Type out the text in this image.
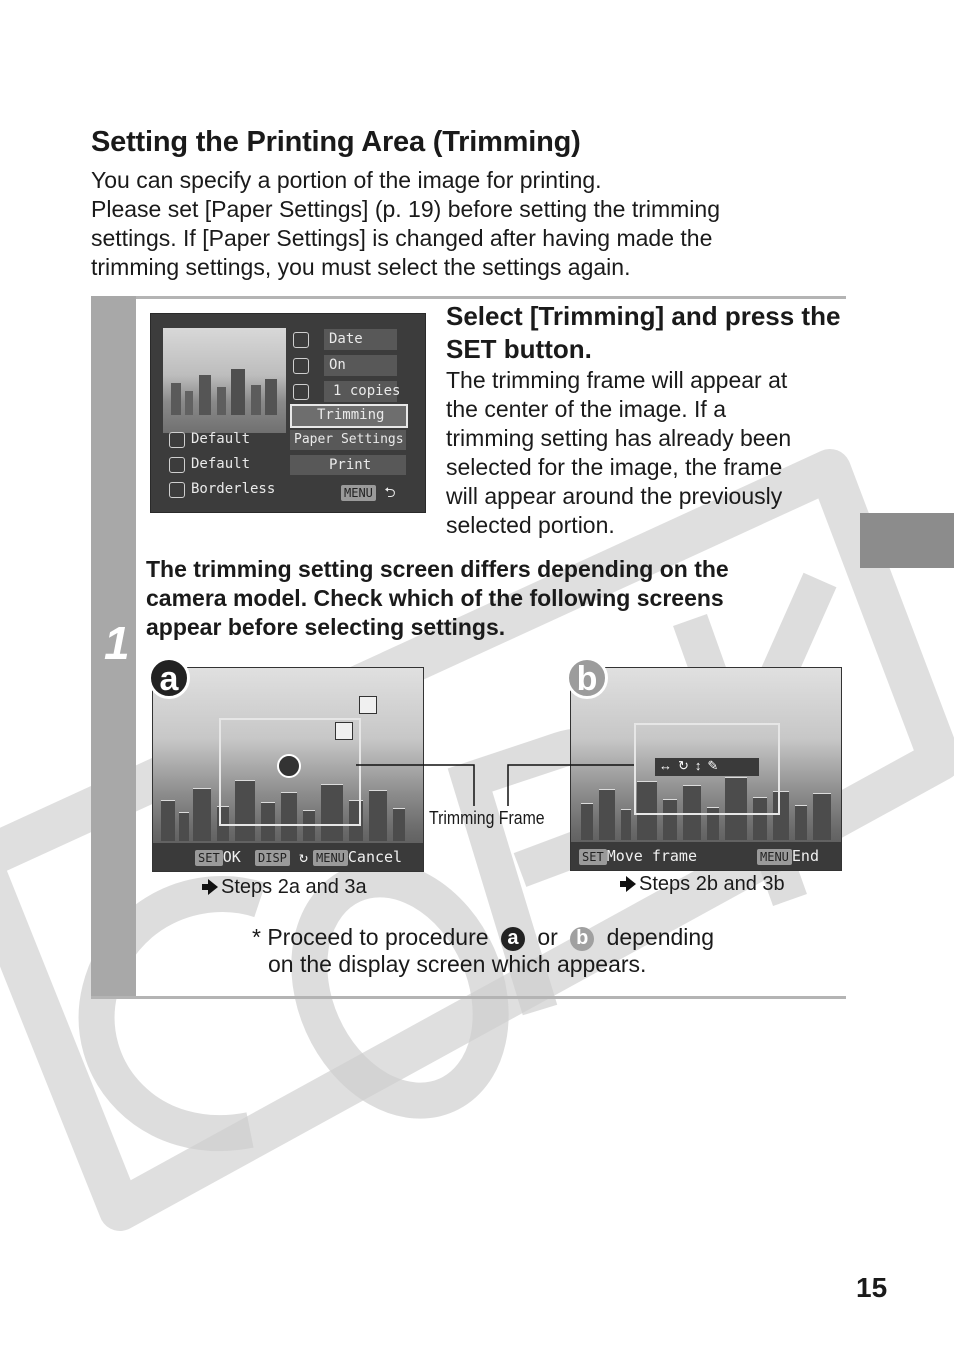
Setting the Printing Area (Trimming)

You can specify a portion of the image for printing.

Please set [Paper Settings] (p. 19) before setting the trimming

settings. If [Paper Settings] is changed after having made the

trimming settings, you must select the settings again.

1
Date
On
1 copies
Trimming
Paper Settings
Print
Default
Default
Borderless	MENU ⮌
Select [Trimming] and press the SET button.

The trimming frame will appear at

the center of the image. If a

trimming setting has already been

selected for the image, the frame

will appear around the previously

selected portion.

The trimming setting screen differs depending on the

camera model. Check which of the following screens

appear before selecting settings.

SET OK DISP ↻ MENU Cancel
a
↔↻↕✎
SET Move frame	MENU End
b
Trimming Frame
Steps 2a and 3a	Steps 2b and 3b
* Proceed to procedure a or b depending
on the display screen which appears.
15
